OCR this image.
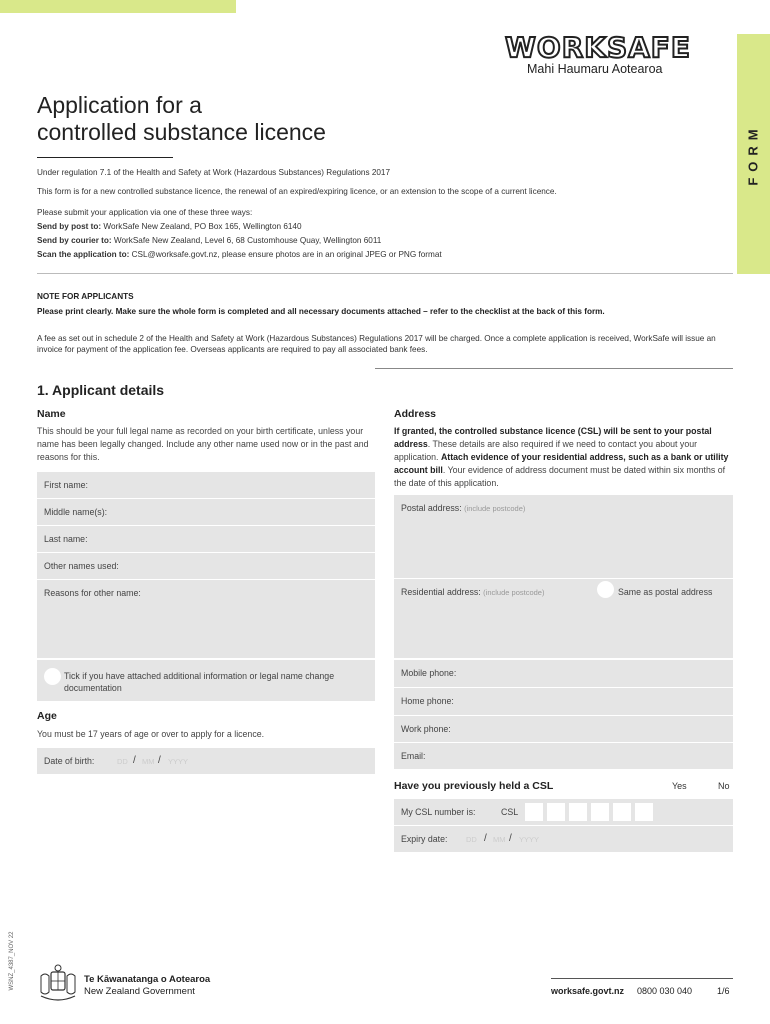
FORM
WORKSAFE
Mahi Haumaru Aotearoa
Application for a
controlled substance licence
Under regulation 7.1 of the Health and Safety at Work (Hazardous Substances) Regulations 2017
This form is for a new controlled substance licence, the renewal of an expired/expiring licence, or an extension to the scope of a current licence.
Please submit your application via one of these three ways:
Send by post to: WorkSafe New Zealand, PO Box 165, Wellington 6140
Send by courier to: WorkSafe New Zealand, Level 6, 68 Customhouse Quay, Wellington 6011
Scan the application to: CSL@worksafe.govt.nz, please ensure photos are in an original JPEG or PNG format
NOTE FOR APPLICANTS
Please print clearly. Make sure the whole form is completed and all necessary documents attached – refer to the checklist at the back of this form.
A fee as set out in schedule 2 of the Health and Safety at Work (Hazardous Substances) Regulations 2017 will be charged. Once a complete application is received, WorkSafe will issue an invoice for payment of the application fee. Overseas applicants are required to pay all associated bank fees.
1. Applicant details
Name
This should be your full legal name as recorded on your birth certificate, unless your name has been legally changed. Include any other name used now or in the past and reasons for this.
First name:
Middle name(s):
Last name:
Other names used:
Reasons for other name:
Tick if you have attached additional information or legal name change documentation
Age
You must be 17 years of age or over to apply for a licence.
Date of birth:	DD / MM / YYYY
Address
If granted, the controlled substance licence (CSL) will be sent to your postal address. These details are also required if we need to contact you about your application. Attach evidence of your residential address, such as a bank or utility account bill. Your evidence of address document must be dated within six months of the date of this application.
Postal address: (include postcode)
Residential address: (include postcode)	Same as postal address
Mobile phone:
Home phone:
Work phone:
Email:
Have you previously held a CSL	Yes	No
My CSL number is:	CSL
Expiry date: DD / MM / YYYY
WSNZ_4387_NOV 22	Te Kāwanatanga o Aotearoa
New Zealand Government	worksafe.govt.nz 0800 030 040	1/6
